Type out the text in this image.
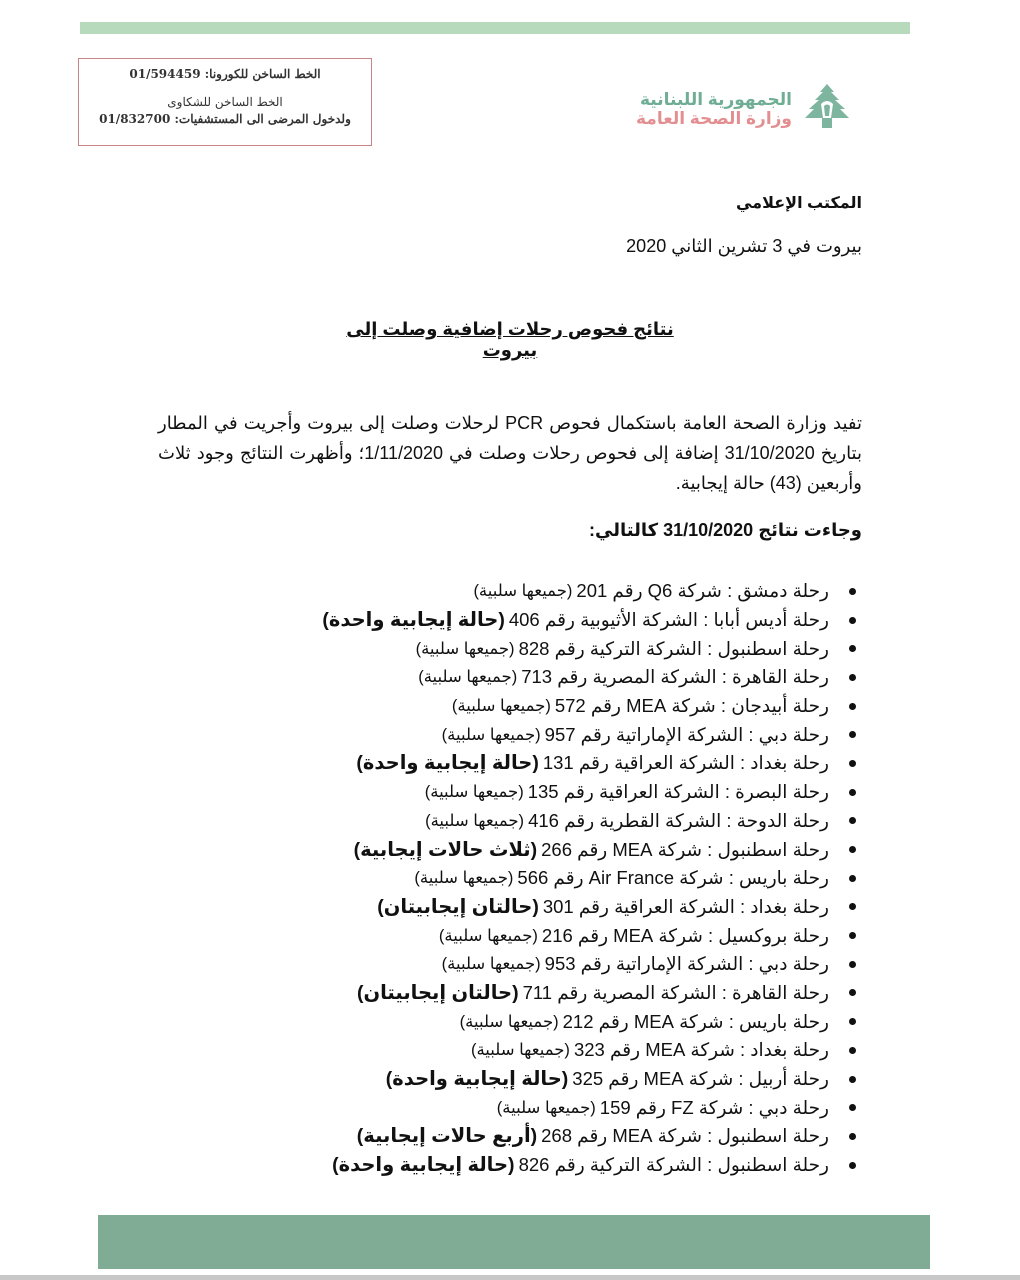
الخط الساخن للكورونا: 01/594459
الخط الساخن للشكاوى
ولدخول المرضى الى المستشفيات: 01/832700
الجمهورية اللبنانية
وزارة الصحة العامة
المكتب الإعلامي
بيروت في 3 تشرين الثاني 2020
نتائج فحوص رحلات إضافية وصلت إلى بيروت
تفيد وزارة الصحة العامة باستكمال فحوص PCR لرحلات وصلت إلى بيروت وأجريت في المطار بتاريخ 31/10/2020 إضافة إلى فحوص رحلات وصلت في 1/11/2020؛ وأظهرت النتائج وجود ثلاث وأربعين (43) حالة إيجابية.
وجاءت نتائج 31/10/2020 كالتالي:
رحلة دمشق : شركة Q6 رقم 201
(جميعها سلبية)
رحلة أديس أبابا : الشركة الأثيوبية رقم 406
(حالة إيجابية واحدة)
رحلة اسطنبول : الشركة التركية رقم 828
(جميعها سلبية)
رحلة القاهرة : الشركة المصرية رقم 713
(جميعها سلبية)
رحلة أبيدجان : شركة MEA رقم 572
(جميعها سلبية)
رحلة دبي : الشركة الإماراتية رقم 957
(جميعها سلبية)
رحلة بغداد : الشركة العراقية رقم 131
(حالة إيجابية واحدة)
رحلة البصرة : الشركة العراقية رقم 135
(جميعها سلبية)
رحلة الدوحة : الشركة القطرية رقم 416
(جميعها سلبية)
رحلة اسطنبول : شركة MEA رقم 266
(ثلاث حالات إيجابية)
رحلة باريس : شركة Air France رقم 566
(جميعها سلبية)
رحلة بغداد : الشركة العراقية رقم 301
(حالتان إيجابيتان)
رحلة بروكسيل : شركة MEA رقم 216
(جميعها سلبية)
رحلة دبي : الشركة الإماراتية رقم 953
(جميعها سلبية)
رحلة القاهرة : الشركة المصرية رقم 711
(حالتان إيجابيتان)
رحلة باريس : شركة MEA رقم 212
(جميعها سلبية)
رحلة بغداد : شركة MEA رقم 323
(جميعها سلبية)
رحلة أربيل : شركة MEA رقم 325
(حالة إيجابية واحدة)
رحلة دبي : شركة FZ رقم 159
(جميعها سلبية)
رحلة اسطنبول : شركة MEA رقم 268
(أربع حالات إيجابية)
رحلة اسطنبول : الشركة التركية رقم 826
(حالة إيجابية واحدة)
